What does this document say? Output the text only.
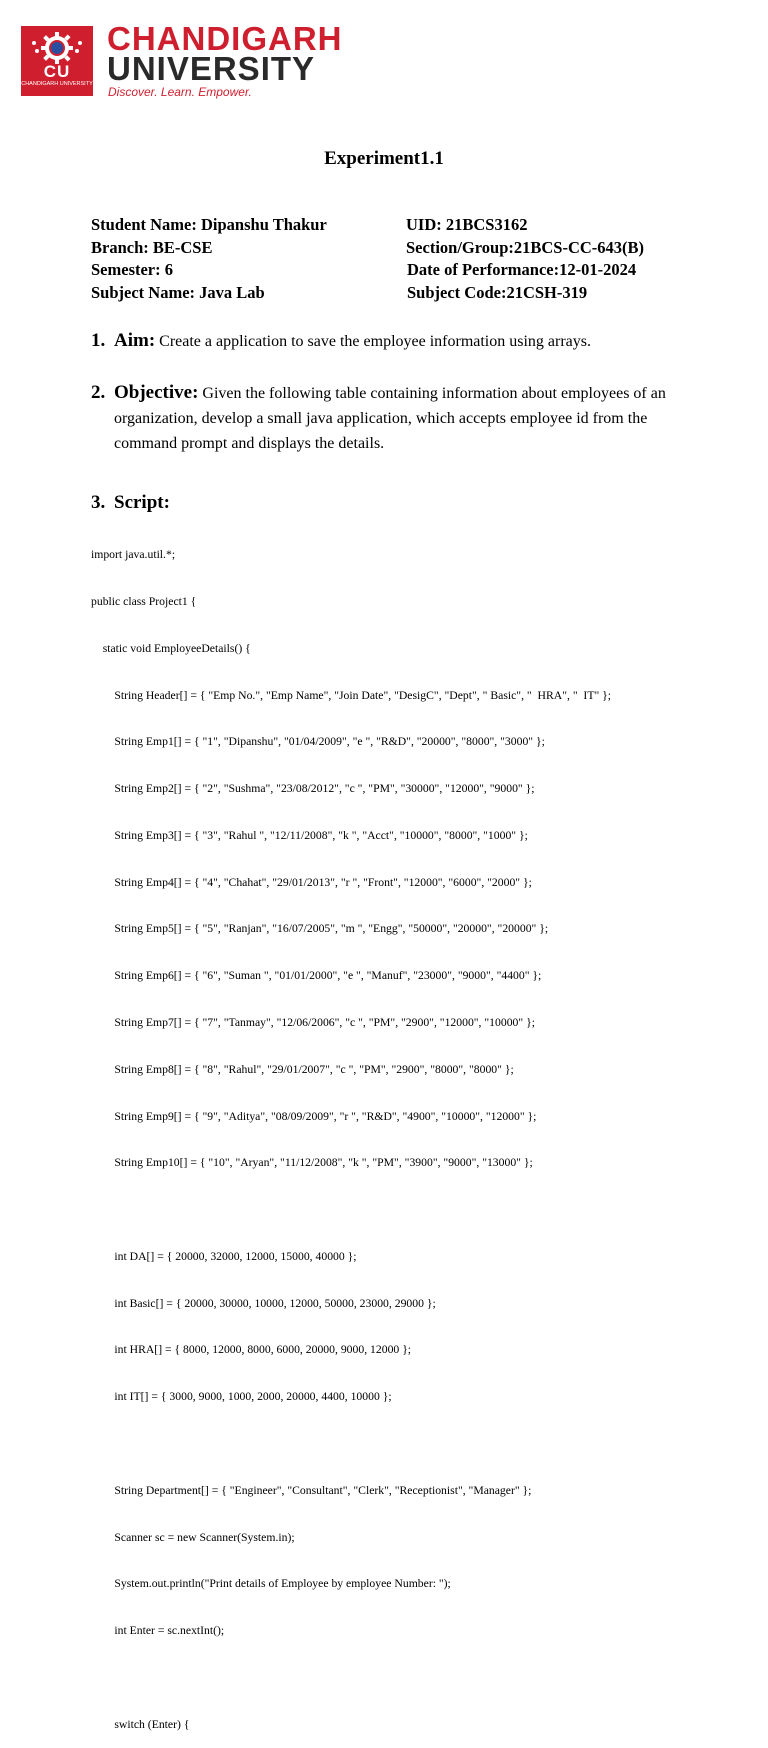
CU
CHANDIGARH UNIVERSITY
CHANDIGARH
UNIVERSITY
Discover. Learn. Empower.
Experiment1.1
Student Name: Dipanshu Thakur	UID: 21BCS3162
Branch: BE-CSE	Section/Group:21BCS-CC-643(B)
Semester: 6	Date of Performance:12-01-2024
Subject Name: Java Lab	Subject Code:21CSH-319
1. Aim: Create a application to save the employee information using arrays.
2. Objective: Given the following table containing information about employees of an organization, develop a small java application, which accepts employee id from the command prompt and displays the details.
3. Script:

import java.util.*;

public class Project1 {

static void EmployeeDetails() {

String Header[] = { "Emp No.", "Emp Name", "Join Date", "DesigC", "Dept", " Basic", "  HRA", "  IT" };

String Emp1[] = { "1", "Dipanshu", "01/04/2009", "e ", "R&D", "20000", "8000", "3000" };

String Emp2[] = { "2", "Sushma", "23/08/2012", "c ", "PM", "30000", "12000", "9000" };

String Emp3[] = { "3", "Rahul ", "12/11/2008", "k ", "Acct", "10000", "8000", "1000" };

String Emp4[] = { "4", "Chahat", "29/01/2013", "r ", "Front", "12000", "6000", "2000" };

String Emp5[] = { "5", "Ranjan", "16/07/2005", "m ", "Engg", "50000", "20000", "20000" };

String Emp6[] = { "6", "Suman ", "01/01/2000", "e ", "Manuf", "23000", "9000", "4400" };

String Emp7[] = { "7", "Tanmay", "12/06/2006", "c ", "PM", "2900", "12000", "10000" };

String Emp8[] = { "8", "Rahul", "29/01/2007", "c ", "PM", "2900", "8000", "8000" };

String Emp9[] = { "9", "Aditya", "08/09/2009", "r ", "R&D", "4900", "10000", "12000" };

String Emp10[] = { "10", "Aryan", "11/12/2008", "k ", "PM", "3900", "9000", "13000" };

int DA[] = { 20000, 32000, 12000, 15000, 40000 };

int Basic[] = { 20000, 30000, 10000, 12000, 50000, 23000, 29000 };

int HRA[] = { 8000, 12000, 8000, 6000, 20000, 9000, 12000 };

int IT[] = { 3000, 9000, 1000, 2000, 20000, 4400, 10000 };

String Department[] = { "Engineer", "Consultant", "Clerk", "Receptionist", "Manager" };

Scanner sc = new Scanner(System.in);

System.out.println("Print details of Employee by employee Number: ");

int Enter = sc.nextInt();

switch (Enter) {
